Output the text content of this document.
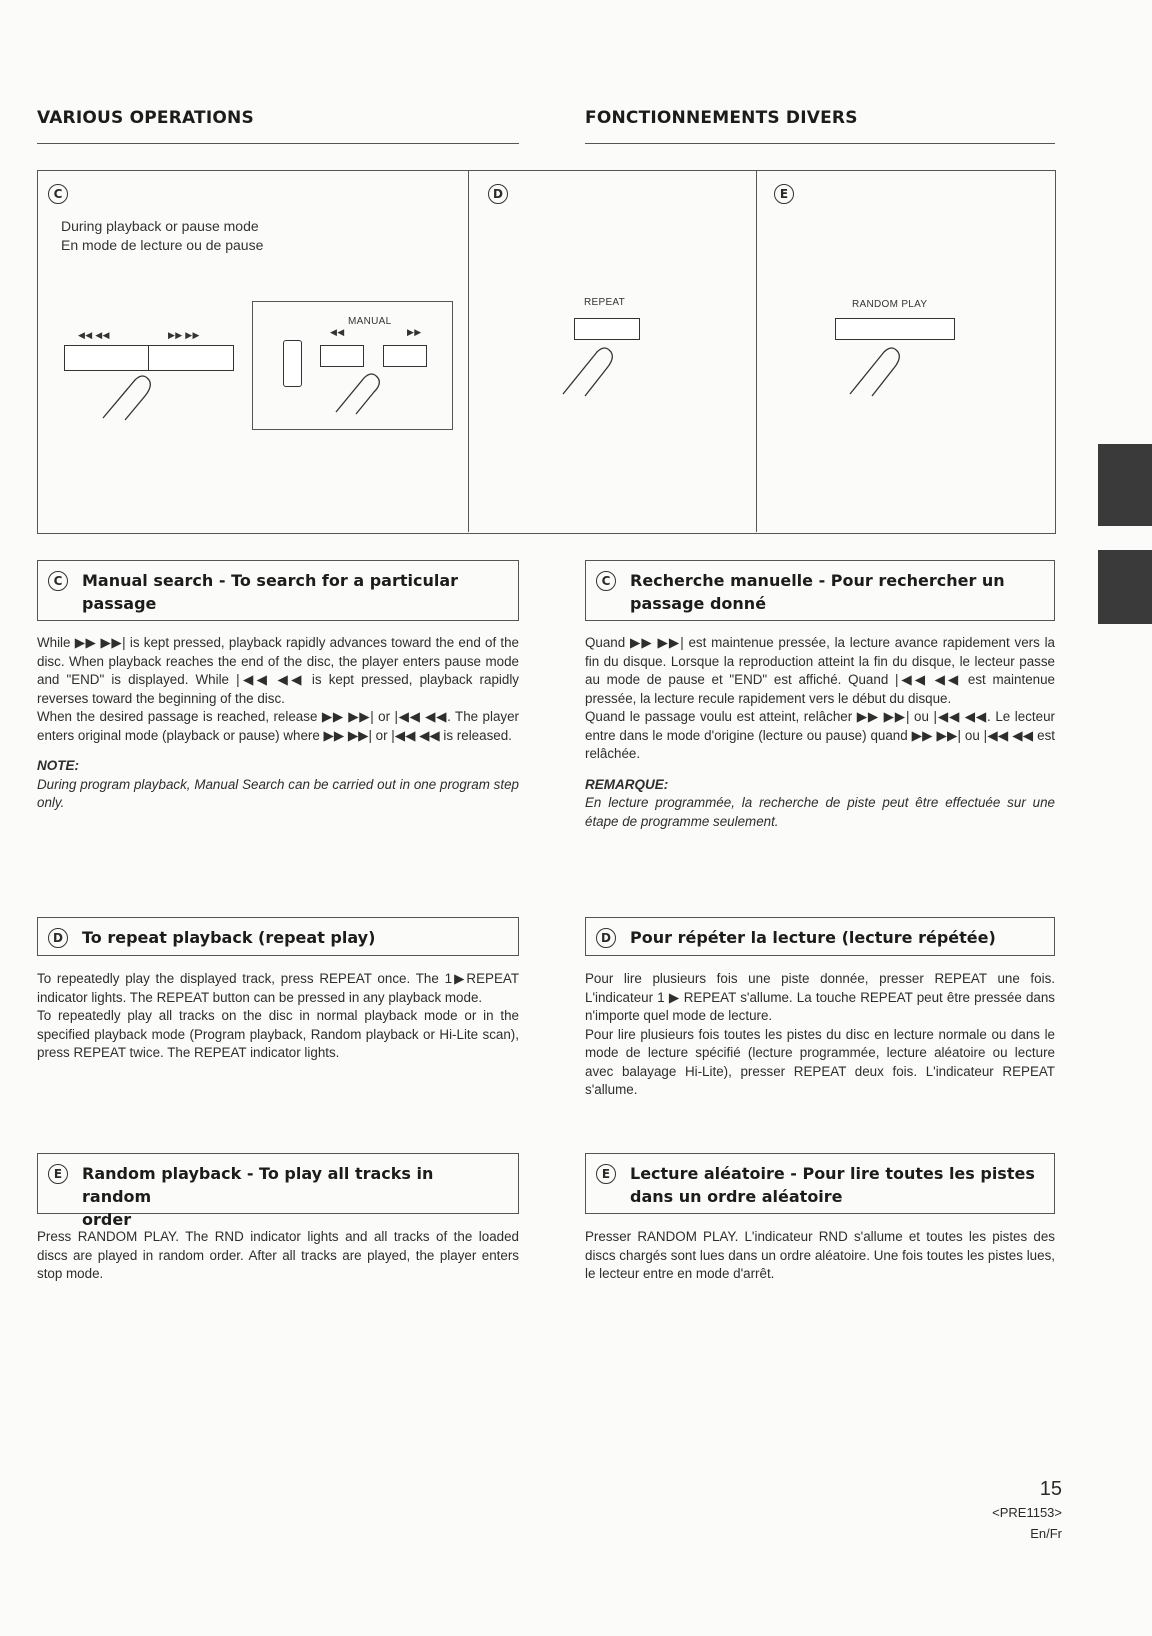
VARIOUS OPERATIONS	FONCTIONNEMENTS DIVERS
C
During playback or pause mode
En mode de lecture ou de pause
◀◀ ◀◀	▶▶ ▶▶
MANUAL
◀◀	▶▶
D
REPEAT
E
RANDOM PLAY
C	Manual search - To search for a particular
passage
C	Recherche manuelle - Pour rechercher un
passage donné

While ▶▶ ▶▶| is kept pressed, playback rapidly advances toward the end of the disc. When playback reaches the end of the disc, the player enters pause mode and "END" is displayed. While |◀◀ ◀◀ is kept pressed, playback rapidly reverses toward the beginning of the disc.

When the desired passage is reached, release ▶▶ ▶▶| or |◀◀ ◀◀. The player enters original mode (playback or pause) where ▶▶ ▶▶| or |◀◀ ◀◀ is released.

NOTE:

During program playback, Manual Search can be carried out in one program step only.

Quand ▶▶ ▶▶| est maintenue pressée, la lecture avance rapidement vers la fin du disque. Lorsque la reproduction atteint la fin du disque, le lecteur passe au mode de pause et "END" est affiché. Quand |◀◀ ◀◀ est maintenue pressée, la lecture recule rapidement vers le début du disque.

Quand le passage voulu est atteint, relâcher ▶▶ ▶▶| ou |◀◀ ◀◀. Le lecteur entre dans le mode d'origine (lecture ou pause) quand ▶▶ ▶▶| ou |◀◀ ◀◀ est relâchée.

REMARQUE:

En lecture programmée, la recherche de piste peut être effectuée sur une étape de programme seulement.

D	To repeat playback (repeat play)	D	Pour répéter la lecture (lecture répétée)

To repeatedly play the displayed track, press REPEAT once. The 1▶REPEAT indicator lights. The REPEAT button can be pressed in any playback mode.

To repeatedly play all tracks on the disc in normal playback mode or in the specified playback mode (Program playback, Random playback or Hi-Lite scan), press REPEAT twice. The REPEAT indicator lights.

Pour lire plusieurs fois une piste donnée, presser REPEAT une fois. L'indicateur 1 ▶ REPEAT s'allume. La touche REPEAT peut être pressée dans n'importe quel mode de lecture.

Pour lire plusieurs fois toutes les pistes du disc en lecture normale ou dans le mode de lecture spécifié (lecture programmée, lecture aléatoire ou lecture avec balayage Hi-Lite), presser REPEAT deux fois. L'indicateur REPEAT s'allume.

E	Random playback - To play all tracks in random
order
E	Lecture aléatoire - Pour lire toutes les pistes
dans un ordre aléatoire

Press RANDOM PLAY. The RND indicator lights and all tracks of the loaded discs are played in random order. After all tracks are played, the player enters stop mode.

Presser RANDOM PLAY. L'indicateur RND s'allume et toutes les pistes des discs chargés sont lues dans un ordre aléatoire. Une fois toutes les pistes lues, le lecteur entre en mode d'arrêt.

15
<PRE1153>
En/Fr
